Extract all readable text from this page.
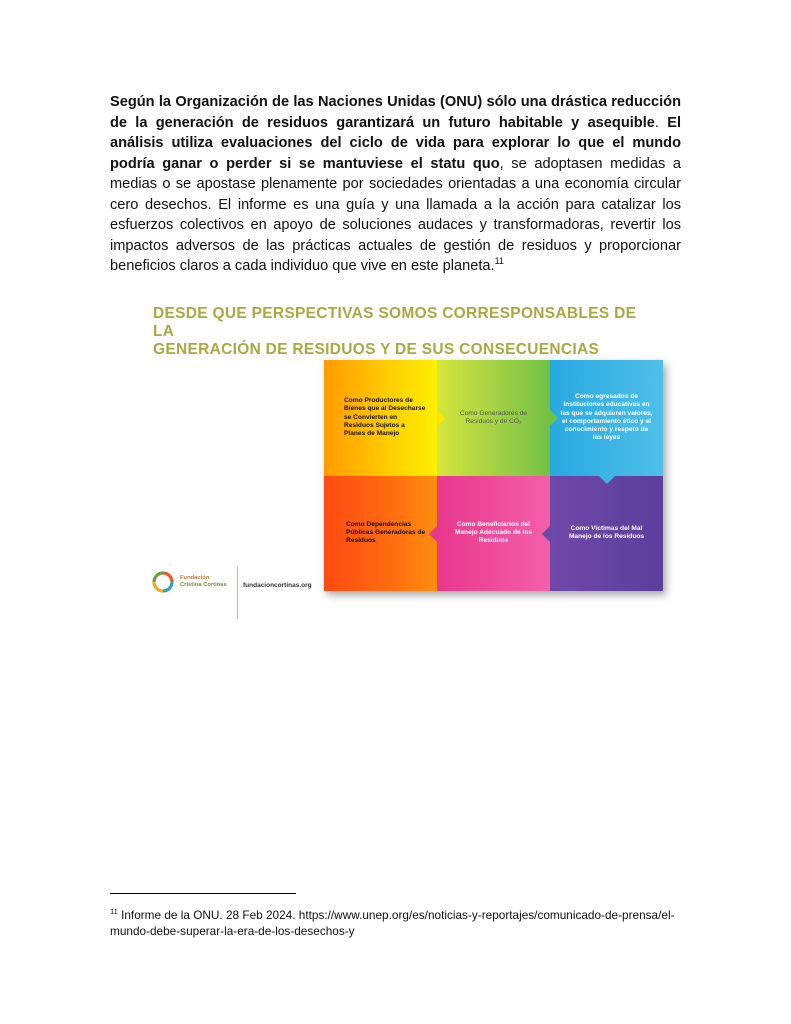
Según la Organización de las Naciones Unidas (ONU) sólo una drástica reducción de la generación de residuos garantizará un futuro habitable y asequible. El análisis utiliza evaluaciones del ciclo de vida para explorar lo que el mundo podría ganar o perder si se mantuviese el statu quo, se adoptasen medidas a medias o se apostase plenamente por sociedades orientadas a una economía circular cero desechos. El informe es una guía y una llamada a la acción para catalizar los esfuerzos colectivos en apoyo de soluciones audaces y transformadoras, revertir los impactos adversos de las prácticas actuales de gestión de residuos y proporcionar beneficios claros a cada individuo que vive en este planeta.$^{11}$

DESDE QUE PERSPECTIVAS SOMOS CORRESPONSABLES DE LA
GENERACIÓN DE RESIDUOS Y DE SUS CONSECUENCIAS
Como Productores de Bienes que al Desecharse se Convierten en Residuos Sujetos a Planes de Manejo
Como Generadores de Residuos y de CO₂
Como egresados de instituciones educativas en las que se adquieren valores, el comportamiento ético y el conocimiento y respeto de las leyes
Como Dependencias Públicas Generadoras de Residuos
Como Beneficiarios del Manejo Adecuado de los Residuos
Como Víctimas del Mal Manejo de los Residuos
Fundación
Cristina Cortinas	fundacioncortinas.org

$^{11}$ Informe de la ONU. 28 Feb 2024. https://www.unep.org/es/noticias-y-reportajes/comunicado-de-prensa/el-mundo-debe-superar-la-era-de-los-desechos-y
